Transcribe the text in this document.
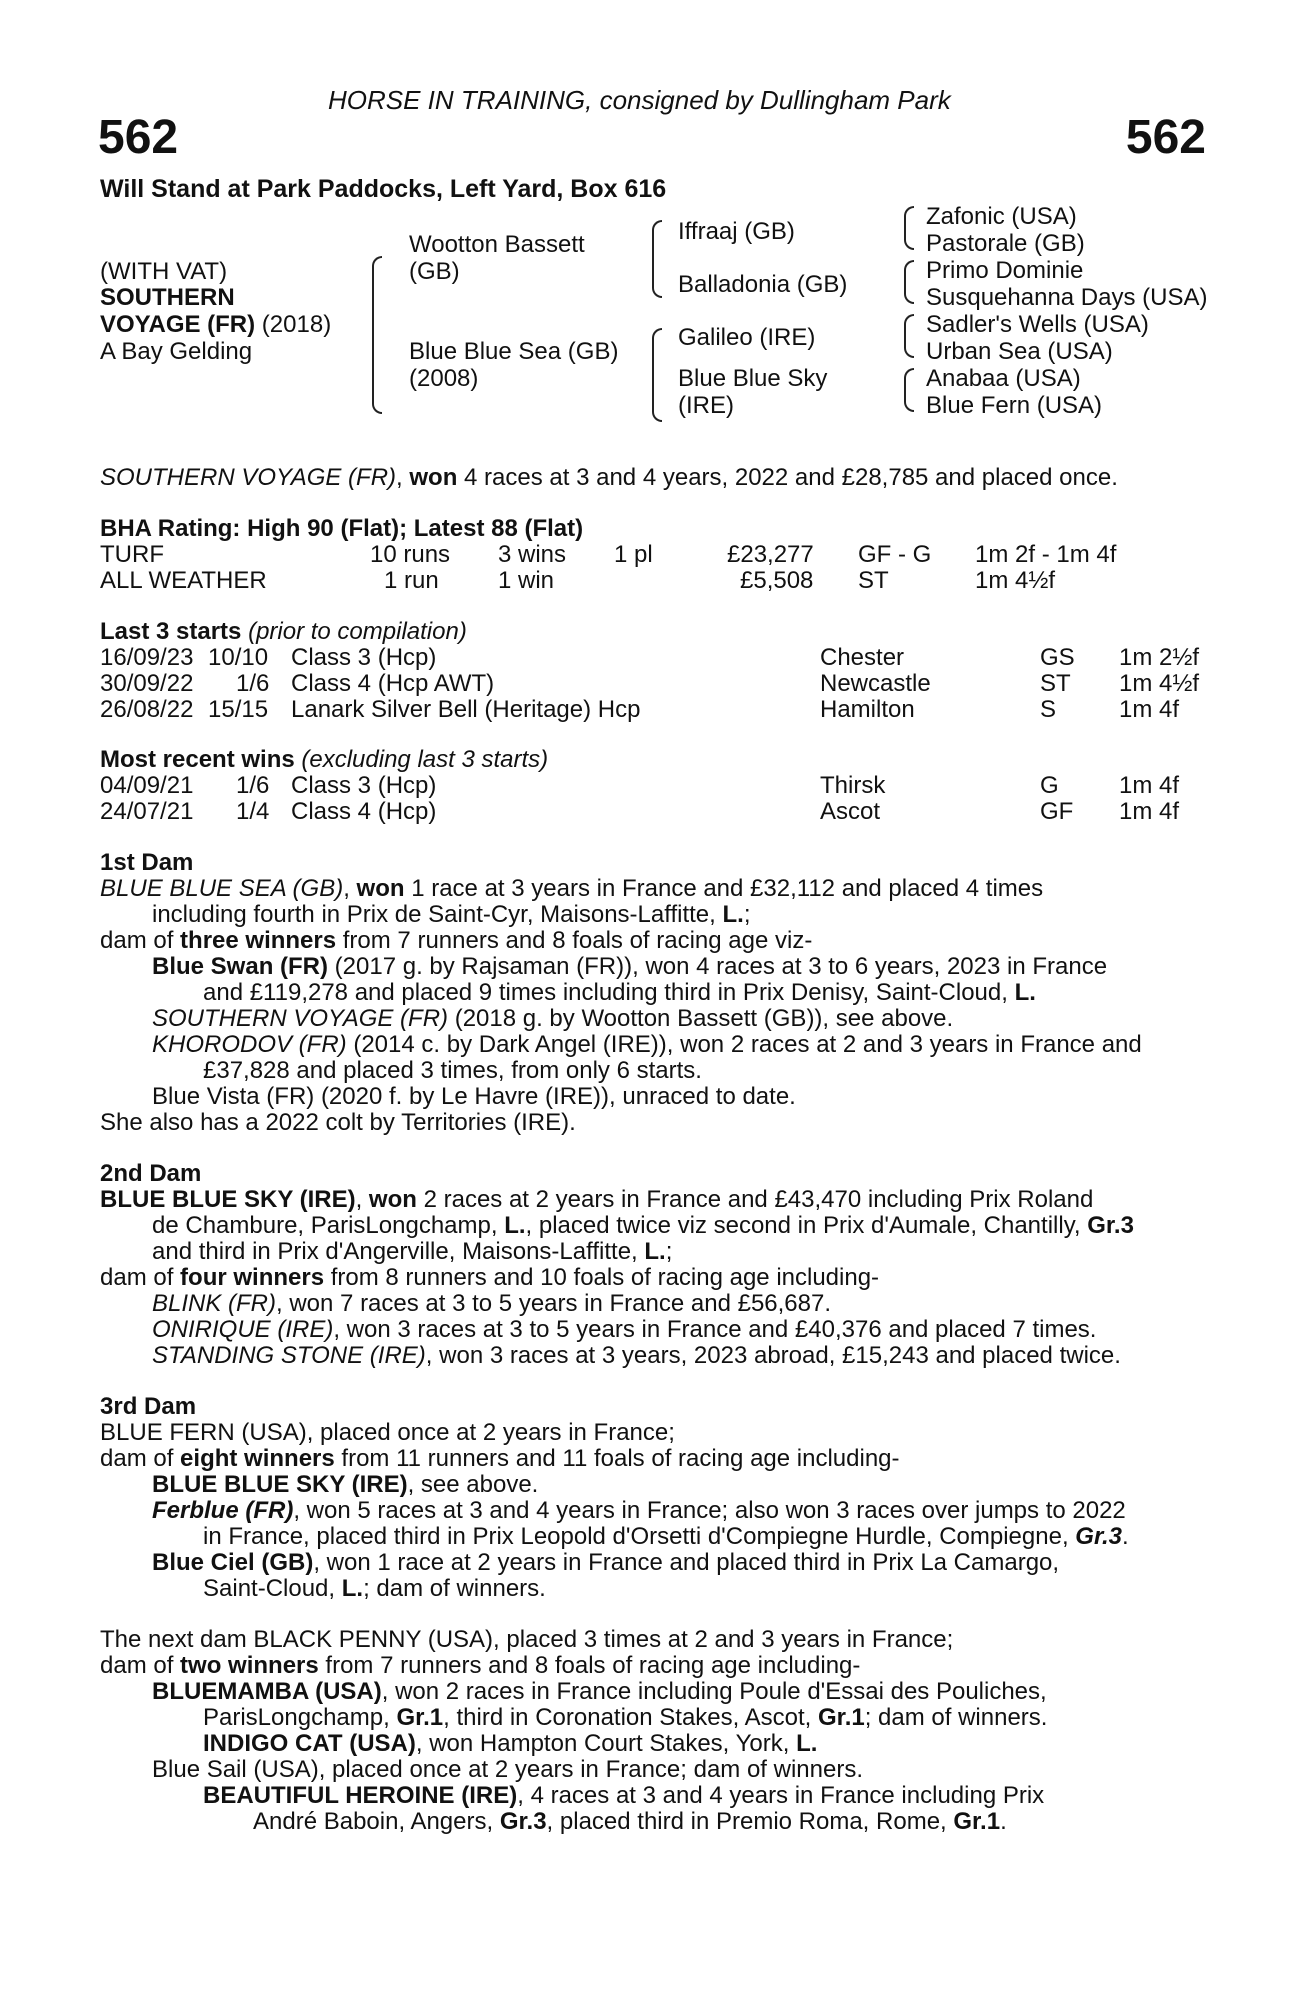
HORSE IN TRAINING, consigned by Dullingham Park
562	562
Will Stand at Park Paddocks, Left Yard, Box 616
(WITH VAT)
SOUTHERN
VOYAGE (FR) (2018)
A Bay Gelding
Wootton Bassett
(GB)
Blue Blue Sea (GB)
(2008)
Iffraaj (GB)
Balladonia (GB)
Galileo (IRE)
Blue Blue Sky
(IRE)
Zafonic (USA)
Pastorale (GB)
Primo Dominie
Susquehanna Days (USA)
Sadler's Wells (USA)
Urban Sea (USA)
Anabaa (USA)
Blue Fern (USA)
SOUTHERN VOYAGE (FR), won 4 races at 3 and 4 years, 2022 and £28,785 and placed once.
BHA Rating: High 90 (Flat); Latest 88 (Flat)
TURF	10 runs 3 wins 1 pl	£23,277 GF - G 1m 2f - 1m 4f
ALL WEATHER	1 run 1 win	£5,508 ST	1m 4½f
Last 3 starts (prior to compilation)
16/09/23 10/10 Class 3 (Hcp)	Chester	GS 1m 2½f
30/09/22 1/6 Class 4 (Hcp AWT)	Newcastle	ST 1m 4½f
26/08/22 15/15 Lanark Silver Bell (Heritage) Hcp	Hamilton	S	1m 4f
Most recent wins (excluding last 3 starts)
04/09/21 1/6 Class 3 (Hcp)	Thirsk	G	1m 4f
24/07/21 1/4 Class 4 (Hcp)	Ascot	GF 1m 4f
1st Dam
BLUE BLUE SEA (GB), won 1 race at 3 years in France and £32,112 and placed 4 times
including fourth in Prix de Saint-Cyr, Maisons-Laffitte, L.;
dam of three winners from 7 runners and 8 foals of racing age viz-
Blue Swan (FR) (2017 g. by Rajsaman (FR)), won 4 races at 3 to 6 years, 2023 in France
and £119,278 and placed 9 times including third in Prix Denisy, Saint-Cloud, L.
SOUTHERN VOYAGE (FR) (2018 g. by Wootton Bassett (GB)), see above.
KHORODOV (FR) (2014 c. by Dark Angel (IRE)), won 2 races at 2 and 3 years in France and
£37,828 and placed 3 times, from only 6 starts.
Blue Vista (FR) (2020 f. by Le Havre (IRE)), unraced to date.
She also has a 2022 colt by Territories (IRE).
2nd Dam
BLUE BLUE SKY (IRE), won 2 races at 2 years in France and £43,470 including Prix Roland
de Chambure, ParisLongchamp, L., placed twice viz second in Prix d'Aumale, Chantilly, Gr.3
and third in Prix d'Angerville, Maisons-Laffitte, L.;
dam of four winners from 8 runners and 10 foals of racing age including-
BLINK (FR), won 7 races at 3 to 5 years in France and £56,687.
ONIRIQUE (IRE), won 3 races at 3 to 5 years in France and £40,376 and placed 7 times.
STANDING STONE (IRE), won 3 races at 3 years, 2023 abroad, £15,243 and placed twice.
3rd Dam
BLUE FERN (USA), placed once at 2 years in France;
dam of eight winners from 11 runners and 11 foals of racing age including-
BLUE BLUE SKY (IRE), see above.
Ferblue (FR), won 5 races at 3 and 4 years in France; also won 3 races over jumps to 2022
in France, placed third in Prix Leopold d'Orsetti d'Compiegne Hurdle, Compiegne, Gr.3.
Blue Ciel (GB), won 1 race at 2 years in France and placed third in Prix La Camargo,
Saint-Cloud, L.; dam of winners.
The next dam BLACK PENNY (USA), placed 3 times at 2 and 3 years in France;
dam of two winners from 7 runners and 8 foals of racing age including-
BLUEMAMBA (USA), won 2 races in France including Poule d'Essai des Pouliches,
ParisLongchamp, Gr.1, third in Coronation Stakes, Ascot, Gr.1; dam of winners.
INDIGO CAT (USA), won Hampton Court Stakes, York, L.
Blue Sail (USA), placed once at 2 years in France; dam of winners.
BEAUTIFUL HEROINE (IRE), 4 races at 3 and 4 years in France including Prix
André Baboin, Angers, Gr.3, placed third in Premio Roma, Rome, Gr.1.
